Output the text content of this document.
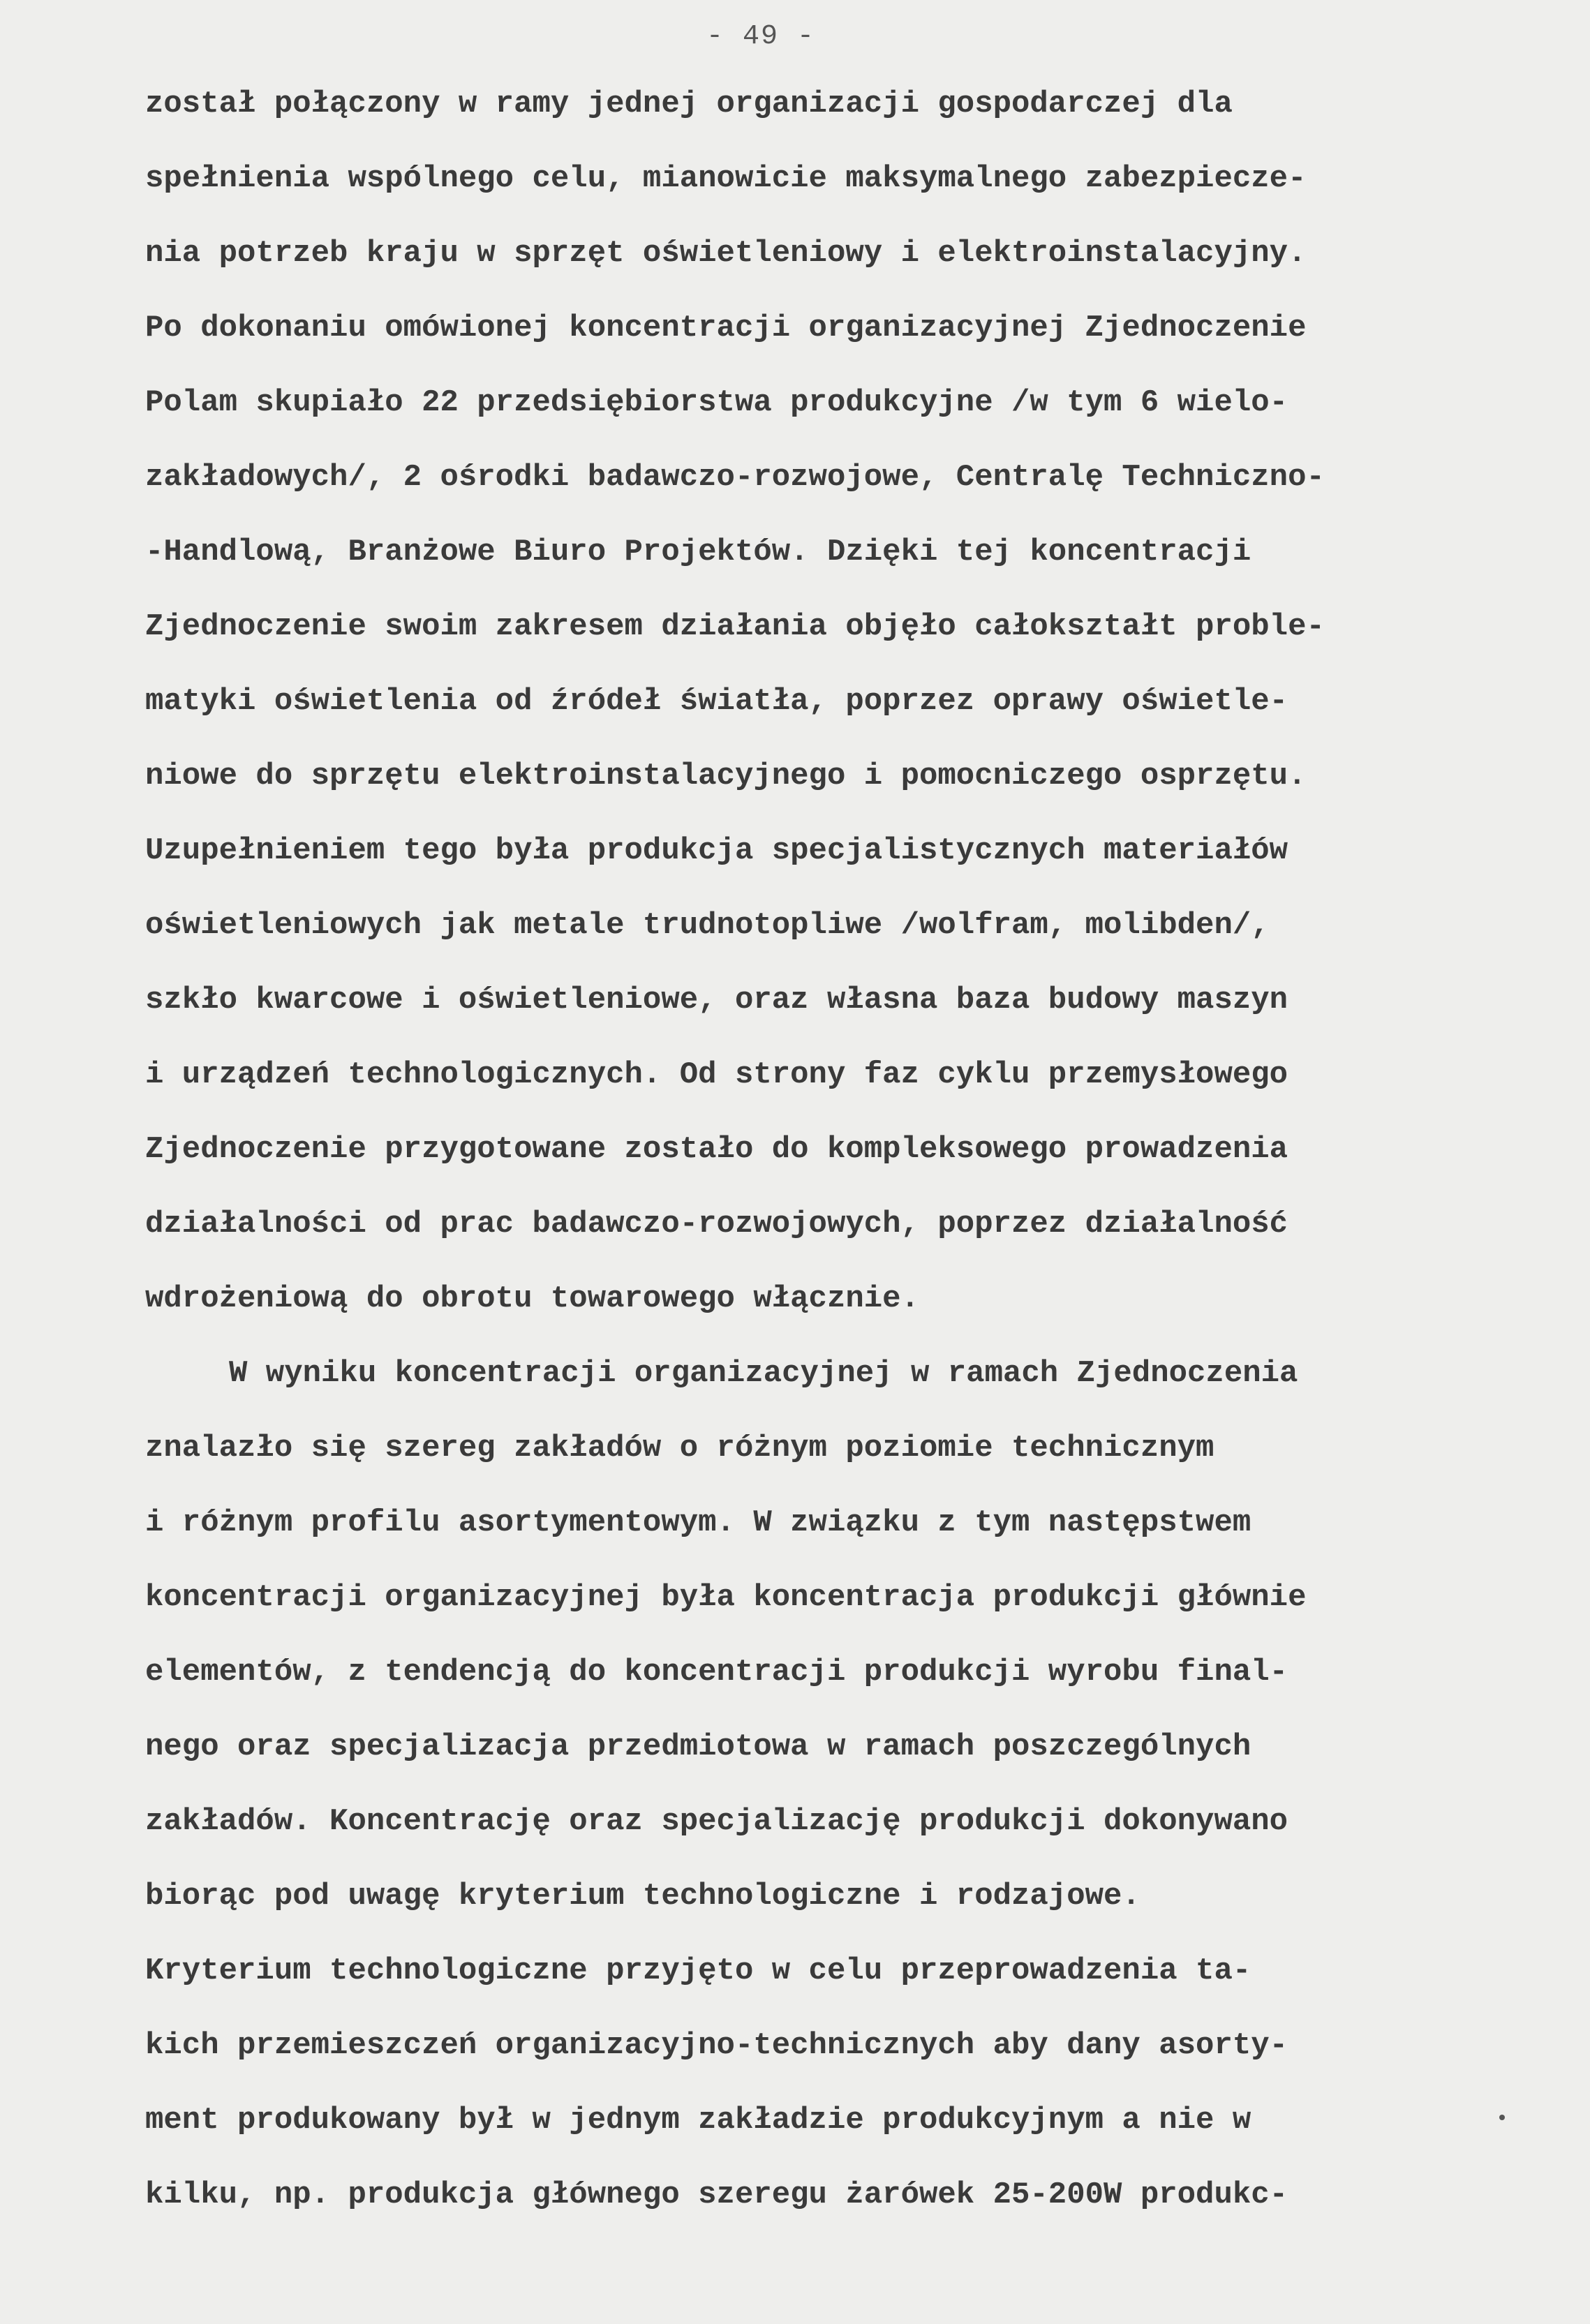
- 49 -
został połączony w ramy jednej organizacji gospodarczej dla
spełnienia wspólnego celu, mianowicie maksymalnego zabezpiecze-
nia potrzeb kraju w sprzęt oświetleniowy i elektroinstalacyjny.
Po dokonaniu omówionej koncentracji organizacyjnej Zjednoczenie
Polam skupiało 22 przedsiębiorstwa produkcyjne /w tym 6 wielo-
zakładowych/, 2 ośrodki badawczo-rozwojowe, Centralę Techniczno-
-Handlową, Branżowe Biuro Projektów. Dzięki tej koncentracji
Zjednoczenie swoim zakresem działania objęło całokształt proble-
matyki oświetlenia od źródeł światła, poprzez oprawy oświetle-
niowe do sprzętu elektroinstalacyjnego i pomocniczego osprzętu.
Uzupełnieniem tego była produkcja specjalistycznych materiałów
oświetleniowych jak metale trudnotopliwe /wolfram, molibden/,
szkło kwarcowe i oświetleniowe, oraz własna baza budowy maszyn
i urządzeń technologicznych. Od strony faz cyklu przemysłowego
Zjednoczenie przygotowane zostało do kompleksowego prowadzenia
działalności od prac badawczo-rozwojowych, poprzez działalność
wdrożeniową do obrotu towarowego włącznie.
W wyniku koncentracji organizacyjnej w ramach Zjednoczenia
znalazło się szereg zakładów o różnym poziomie technicznym
i różnym profilu asortymentowym. W związku z tym następstwem
koncentracji organizacyjnej była koncentracja produkcji głównie
elementów, z tendencją do koncentracji produkcji wyrobu final-
nego oraz specjalizacja przedmiotowa w ramach poszczególnych
zakładów. Koncentrację oraz specjalizację produkcji dokonywano
biorąc pod uwagę kryterium technologiczne i rodzajowe.
Kryterium technologiczne przyjęto w celu przeprowadzenia ta-
kich przemieszczeń organizacyjno-technicznych aby dany asorty-
ment produkowany był w jednym zakładzie produkcyjnym a nie w
kilku, np. produkcja głównego szeregu żarówek 25-200W produkc-
